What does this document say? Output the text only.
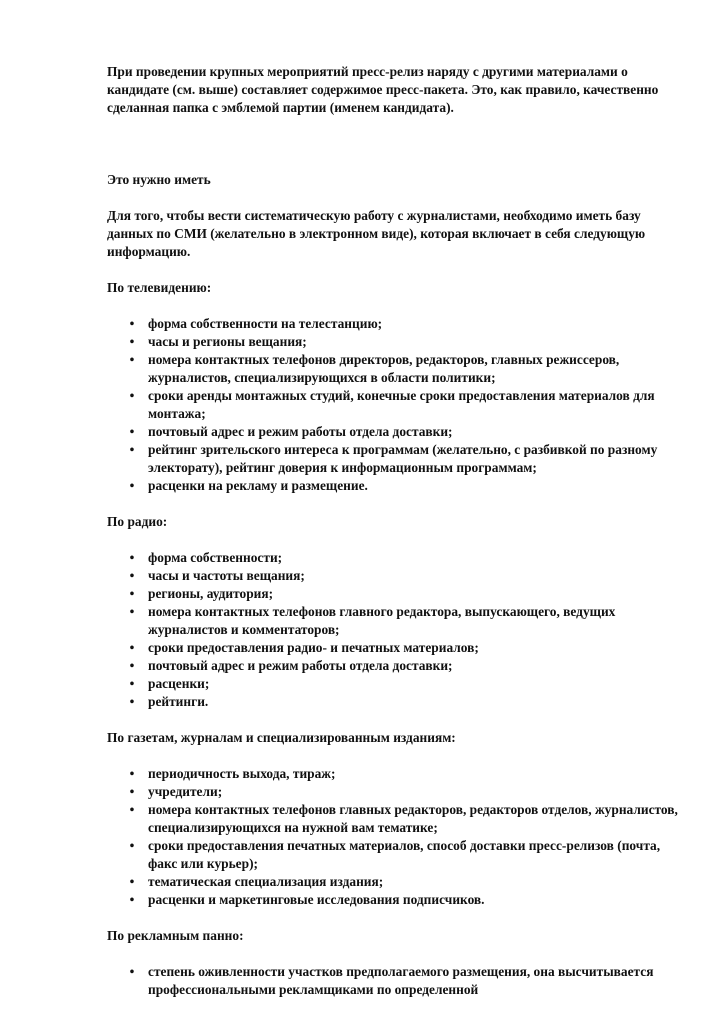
При проведении крупных мероприятий пресс-релиз наряду с другими материалами о кандидате (см. выше) составляет содержимое пресс-пакета. Это, как правило, качественно сделанная папка с эмблемой партии (именем кандидата).

Это нужно иметь

Для того, чтобы вести систематическую работу с журналистами, необходимо иметь базу данных по СМИ (желательно в электронном виде), которая включает в себя следующую информацию.

По телевидению:

• форма собственности на телестанцию;
• часы и регионы вещания;
• номера контактных телефонов директоров, редакторов, главных режиссеров, журналистов, специализирующихся в области политики;
• сроки аренды монтажных студий, конечные сроки предоставления материалов для монтажа;
• почтовый адрес и режим работы отдела доставки;
• рейтинг зрительского интереса к программам (желательно, с разбивкой по разному электорату), рейтинг доверия к информационным программам;
• расценки на рекламу и размещение.

По радио:

• форма собственности;
• часы и частоты вещания;
• регионы, аудитория;
• номера контактных телефонов главного редактора, выпускающего, ведущих журналистов и комментаторов;
• сроки предоставления радио- и печатных материалов;
• почтовый адрес и режим работы отдела доставки;
• расценки;
• рейтинги.

По газетам, журналам и специализированным изданиям:

• периодичность выхода, тираж;
• учредители;
• номера контактных телефонов главных редакторов, редакторов отделов, журналистов, специализирующихся на нужной вам тематике;
• сроки предоставления печатных материалов, способ доставки пресс-релизов (почта, факс или курьер);
• тематическая специализация издания;
• расценки и маркетинговые исследования подписчиков.

По рекламным панно:

• степень оживленности участков предполагаемого размещения, она высчитывается профессиональными рекламщиками по определенной
